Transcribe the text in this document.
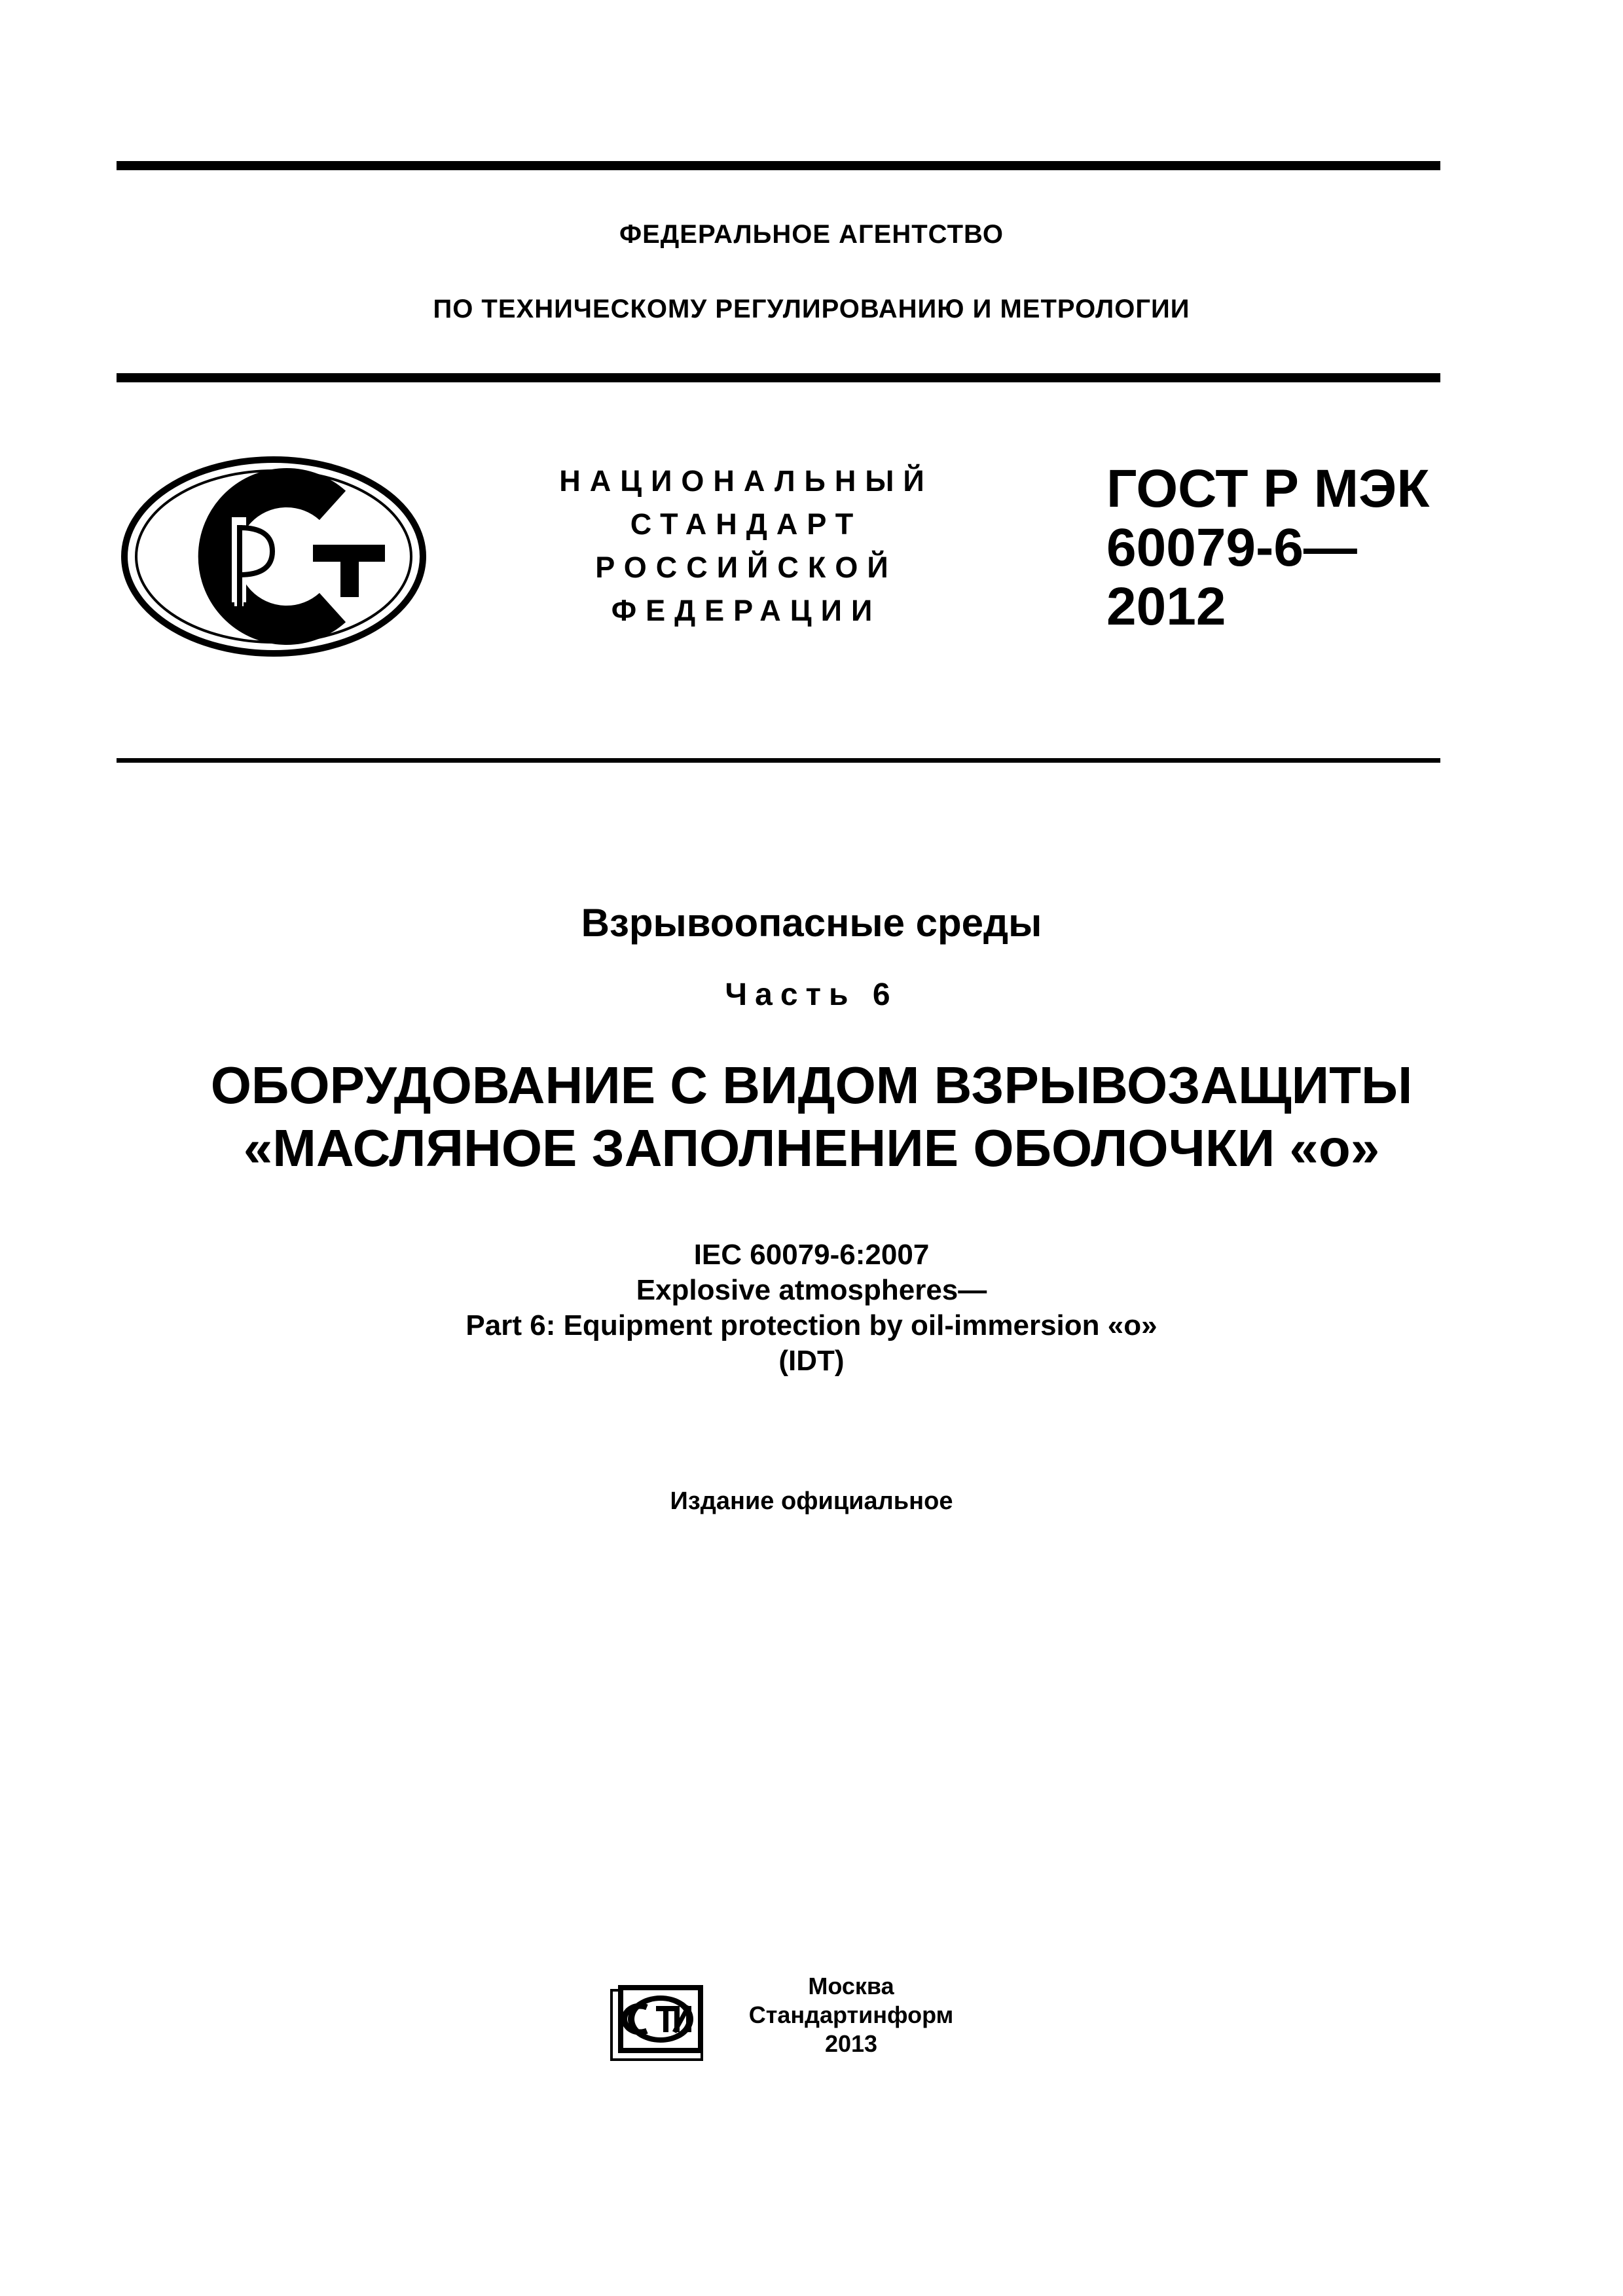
ФЕДЕРАЛЬНОЕ АГЕНТСТВО
ПО ТЕХНИЧЕСКОМУ РЕГУЛИРОВАНИЮ И МЕТРОЛОГИИ
НАЦИОНАЛЬНЫЙ
СТАНДАРТ
РОССИЙСКОЙ
ФЕДЕРАЦИИ
ГОСТ Р МЭК
60079-6—
2012
Взрывоопасные среды
Часть 6
ОБОРУДОВАНИЕ С ВИДОМ ВЗРЫВОЗАЩИТЫ
«МАСЛЯНОЕ ЗАПОЛНЕНИЕ ОБОЛОЧКИ «о»
IEC 60079-6:2007
Explosive atmospheres—
Part 6: Equipment protection by oil-immersion «o»
(IDT)
Издание официальное
Москва
Стандартинформ
2013
